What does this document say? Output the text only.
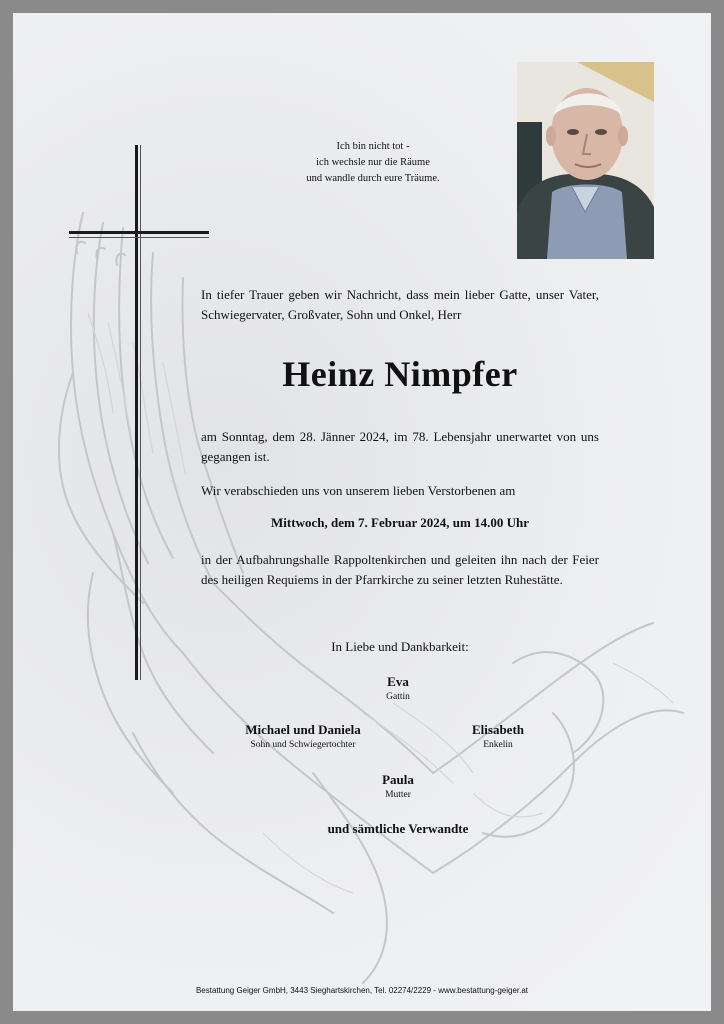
Ich bin nicht tot -
ich wechsle nur die Räume
und wandle durch eure Träume.
In tiefer Trauer geben wir Nachricht, dass mein lieber Gatte, unser Vater, Schwiegervater, Großvater, Sohn und Onkel, Herr
Heinz Nimpfer
am Sonntag, dem 28. Jänner 2024, im 78. Lebensjahr unerwartet von uns gegangen ist.
Wir verabschieden uns von unserem lieben Verstorbenen am
Mittwoch, dem 7. Februar 2024, um 14.00 Uhr
in der Aufbahrungshalle Rappoltenkirchen und geleiten ihn nach der Feier des heiligen Requiems in der Pfarrkirche zu seiner letzten Ruhestätte.
In Liebe und Dankbarkeit:
Eva
Gattin
Michael und Daniela
Sohn und Schwiegertochter
Elisabeth
Enkelin
Paula
Mutter
und sämtliche Verwandte
Bestattung Geiger GmbH, 3443 Sieghartskirchen, Tel. 02274/2229 - www.bestattung-geiger.at
